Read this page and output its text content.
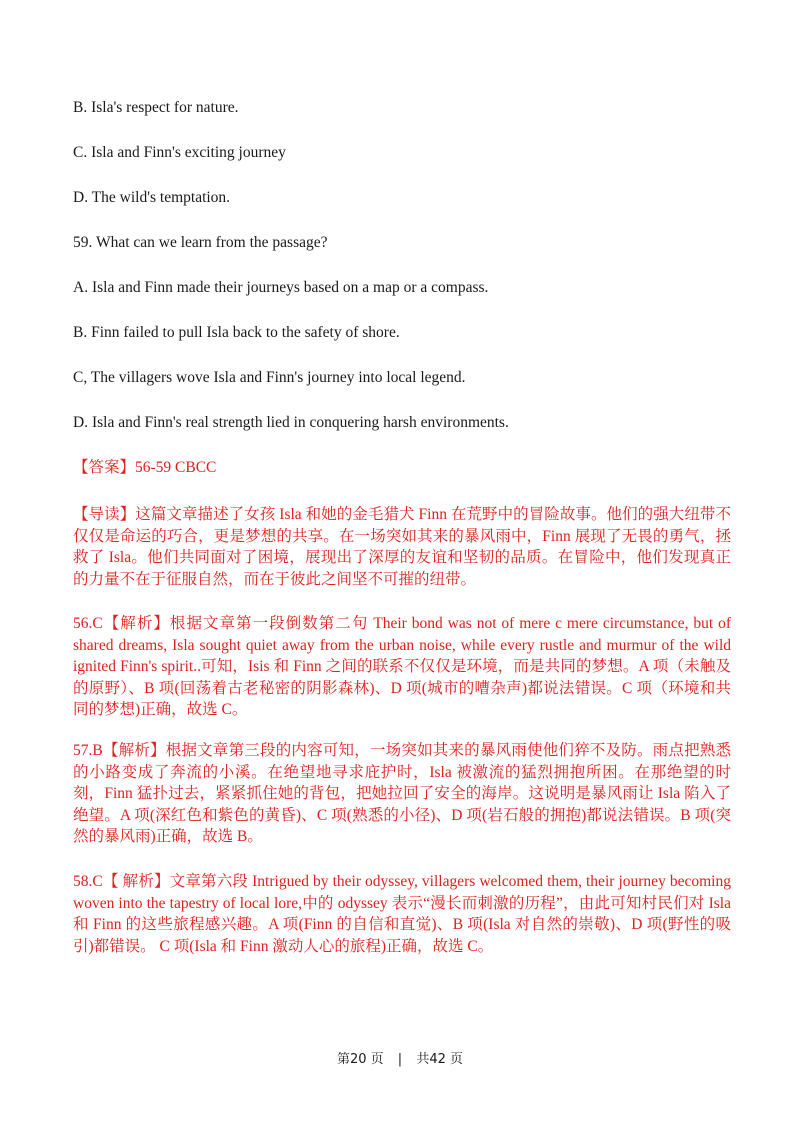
B. Isla's respect for nature.
C. Isla and Finn's exciting journey
D. The wild's temptation.
59. What can we learn from the passage?
A. Isla and Finn made their journeys based on a map or a compass.
B. Finn failed to pull Isla back to the safety of shore.
C, The villagers wove Isla and Finn's journey into local legend.
D. Isla and Finn's real strength lied in conquering harsh environments.
【答案】56-59 CBCC
【导读】这篇文章描述了女孩 Isla 和她的金毛猎犬 Finn 在荒野中的冒险故事。他们的强大纽带不仅仅是命运的巧合，更是梦想的共享。在一场突如其来的暴风雨中，Finn 展现了无畏的勇气，拯救了 Isla。他们共同面对了困境，展现出了深厚的友谊和坚韧的品质。在冒险中，他们发现真正的力量不在于征服自然，而在于彼此之间坚不可摧的纽带。
56.C【解析】根据文章第一段倒数第二句 Their bond was not of mere c mere circumstance, but of shared dreams, Isla sought quiet away from the urban noise, while every rustle and murmur of the wild ignited Finn's spirit..可知，Isis 和 Finn 之间的联系不仅仅是环境，而是共同的梦想。A 项（未触及的原野）、B 项(回荡着古老秘密的阴影森林)、D 项(城市的嘈杂声)都说法错误。C 项（环境和共同的梦想)正确，故选 C。
57.B【解析】根据文章第三段的内容可知，一场突如其来的暴风雨使他们猝不及防。雨点把熟悉的小路变成了奔流的小溪。在绝望地寻求庇护时，Isla 被激流的猛烈拥抱所困。在那绝望的时刻，Finn 猛扑过去，紧紧抓住她的背包，把她拉回了安全的海岸。这说明是暴风雨让 Isla 陷入了绝望。A 项(深红色和紫色的黄昏)、C 项(熟悉的小径)、D 项(岩石般的拥抱)都说法错误。B 项(突然的暴风雨)正确，故选 B。
58.C【 解析】文章第六段 Intrigued by their odyssey, villagers welcomed them, their journey becoming woven into the tapestry of local lore,中的 odyssey 表示“漫长而刺激的历程”，由此可知村民们对 Isla 和 Finn 的这些旅程感兴趣。A 项(Finn 的自信和直觉)、B 项(Isla 对自然的崇敬)、D 项(野性的吸引)都错误。 C 项(Isla 和 Finn 激动人心的旅程)正确，故选 C。
第20 页 | 共42 页
